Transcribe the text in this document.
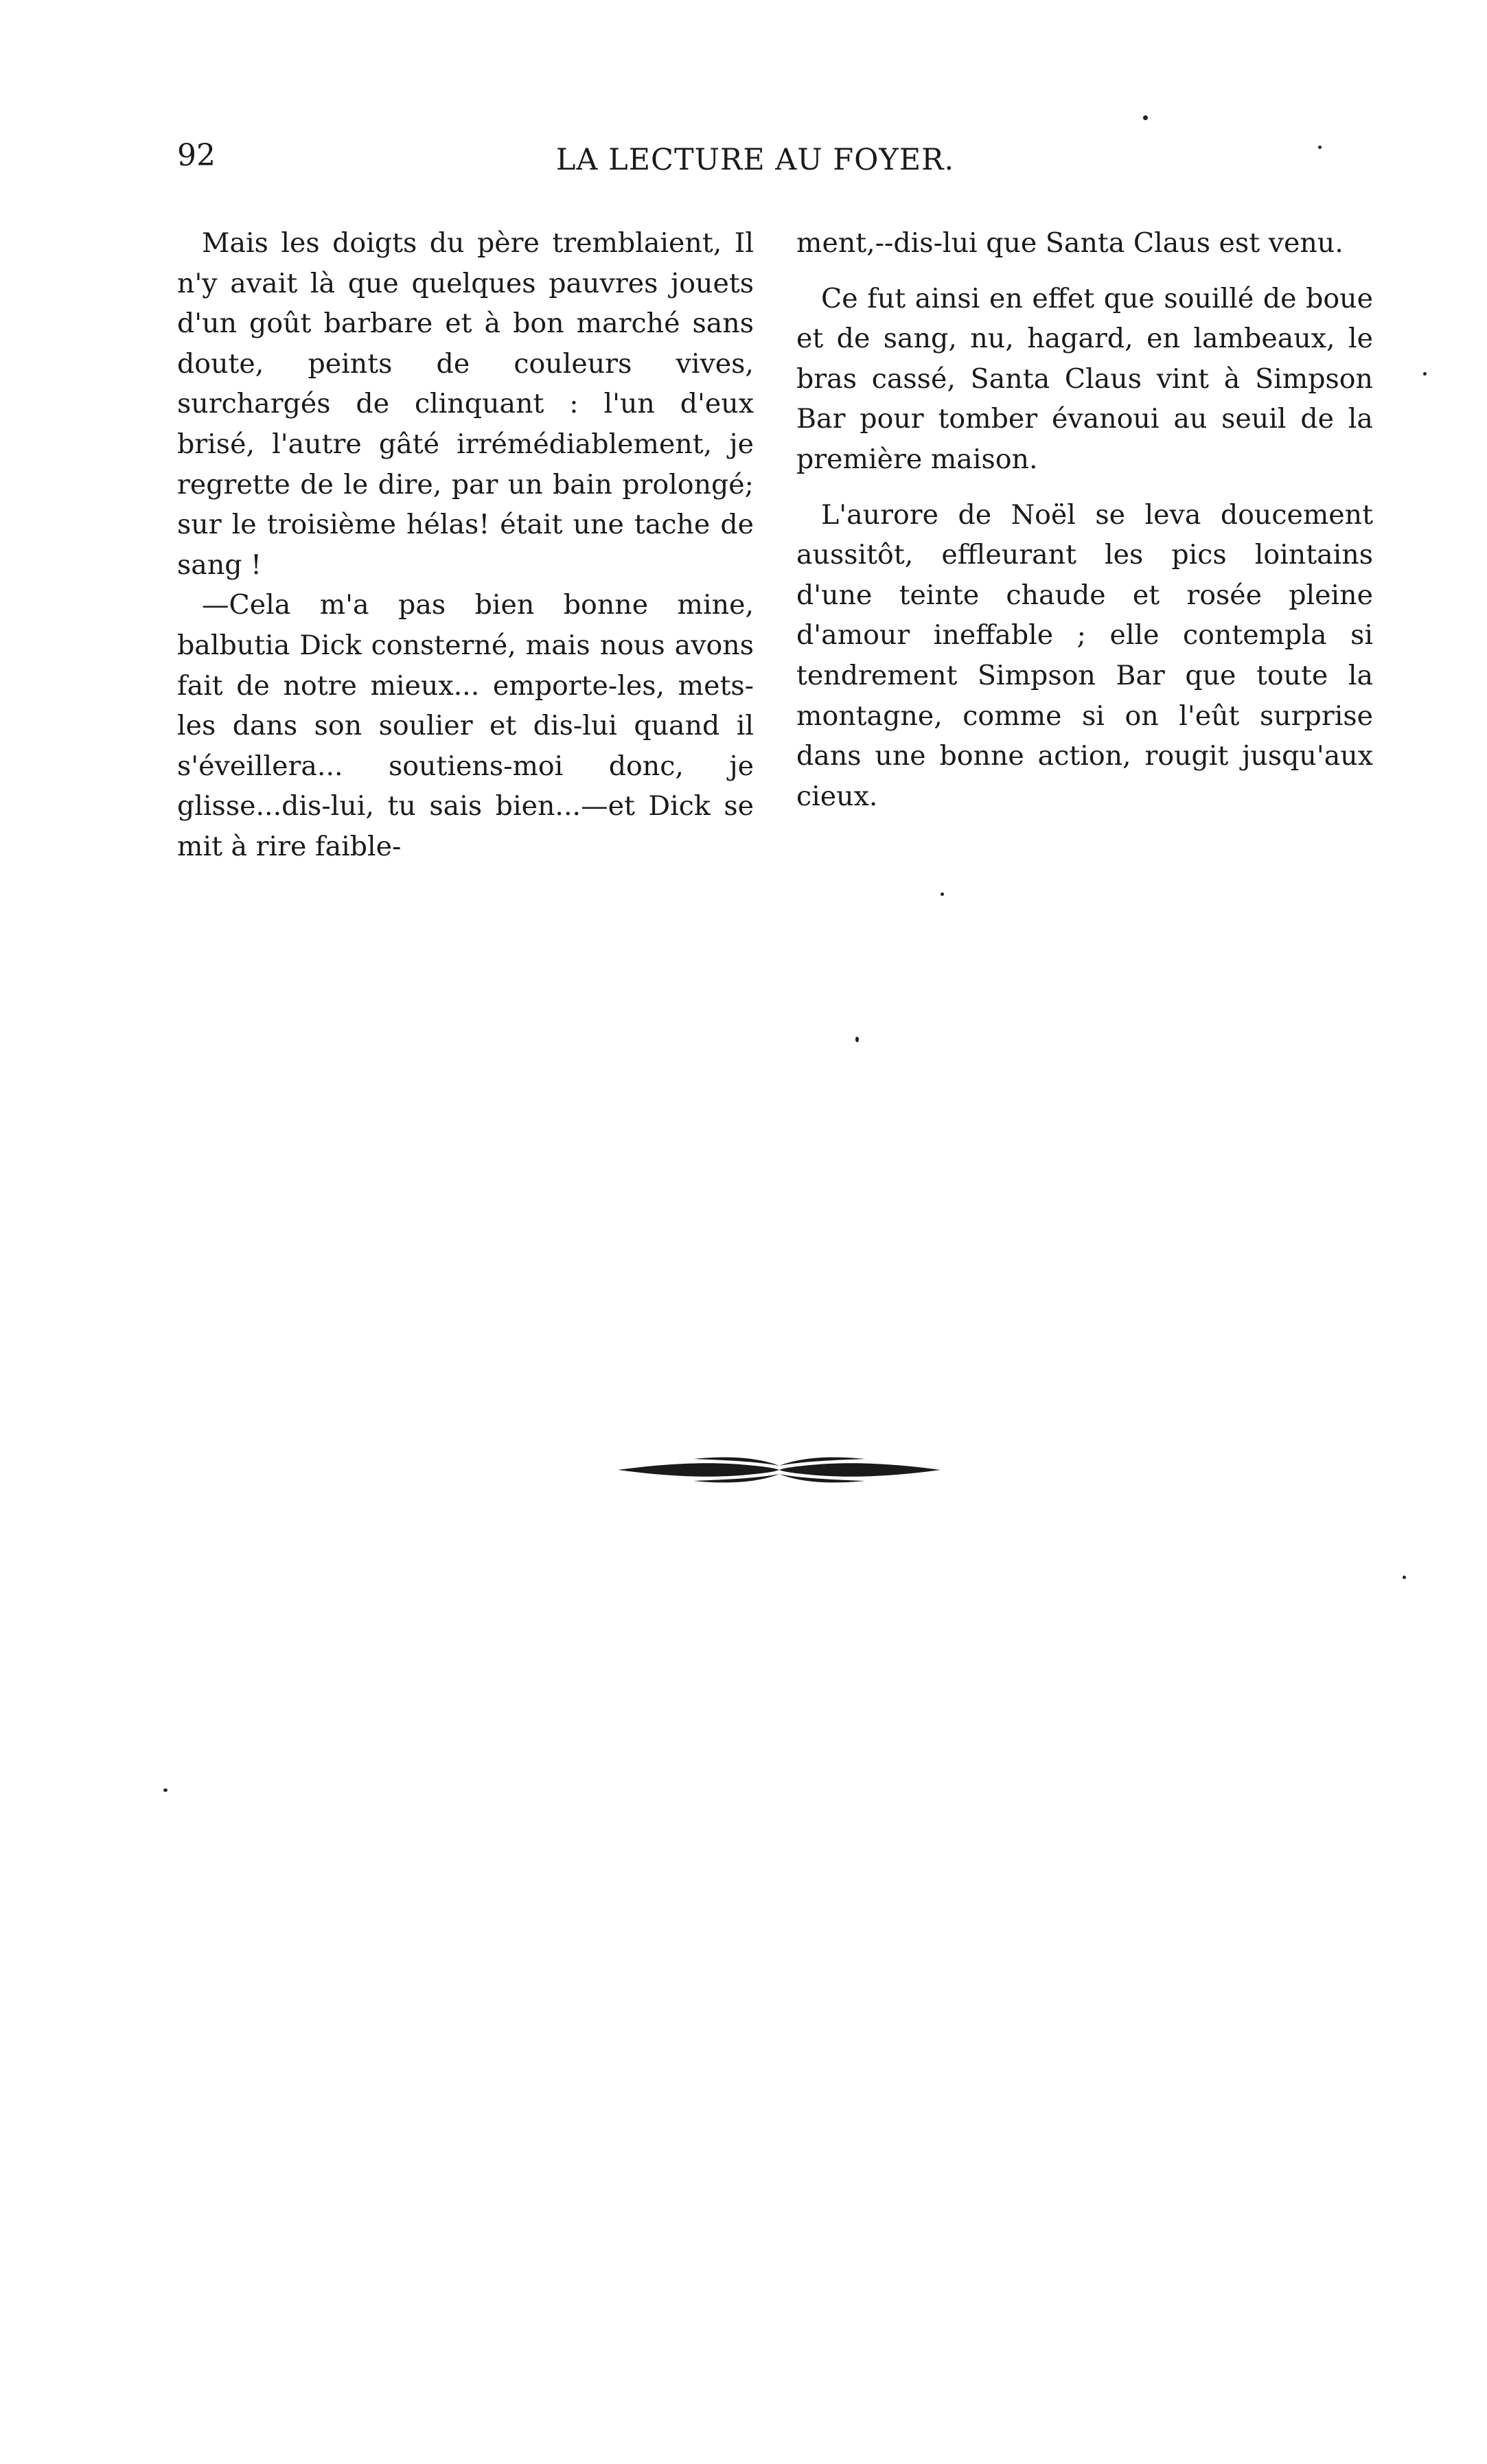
92	LA LECTURE AU FOYER.

Mais les doigts du père tremblaient, Il n'y avait là que quelques pauvres jouets d'un goût barbare et à bon marché sans doute, peints de couleurs vives, surchargés de clinquant : l'un d'eux brisé, l'autre gâté irrémédiablement, je regrette de le dire, par un bain prolongé; sur le troisième hélas! était une tache de sang !

—Cela m'a pas bien bonne mine, balbutia Dick consterné, mais nous avons fait de notre mieux... emporte-les, mets-les dans son soulier et dis-lui quand il s'éveillera... soutiens-moi donc, je glisse...dis-lui, tu sais bien...—et Dick se mit à rire faible-

ment,--dis-lui que Santa Claus est venu.

Ce fut ainsi en effet que souillé de boue et de sang, nu, hagard, en lambeaux, le bras cassé, Santa Claus vint à Simpson Bar pour tomber évanoui au seuil de la première maison.

L'aurore de Noël se leva doucement aussitôt, effleurant les pics lointains d'une teinte chaude et rosée pleine d'amour ineffable ; elle contempla si tendrement Simpson Bar que toute la montagne, comme si on l'eût surprise dans une bonne action, rougit jusqu'aux cieux.
